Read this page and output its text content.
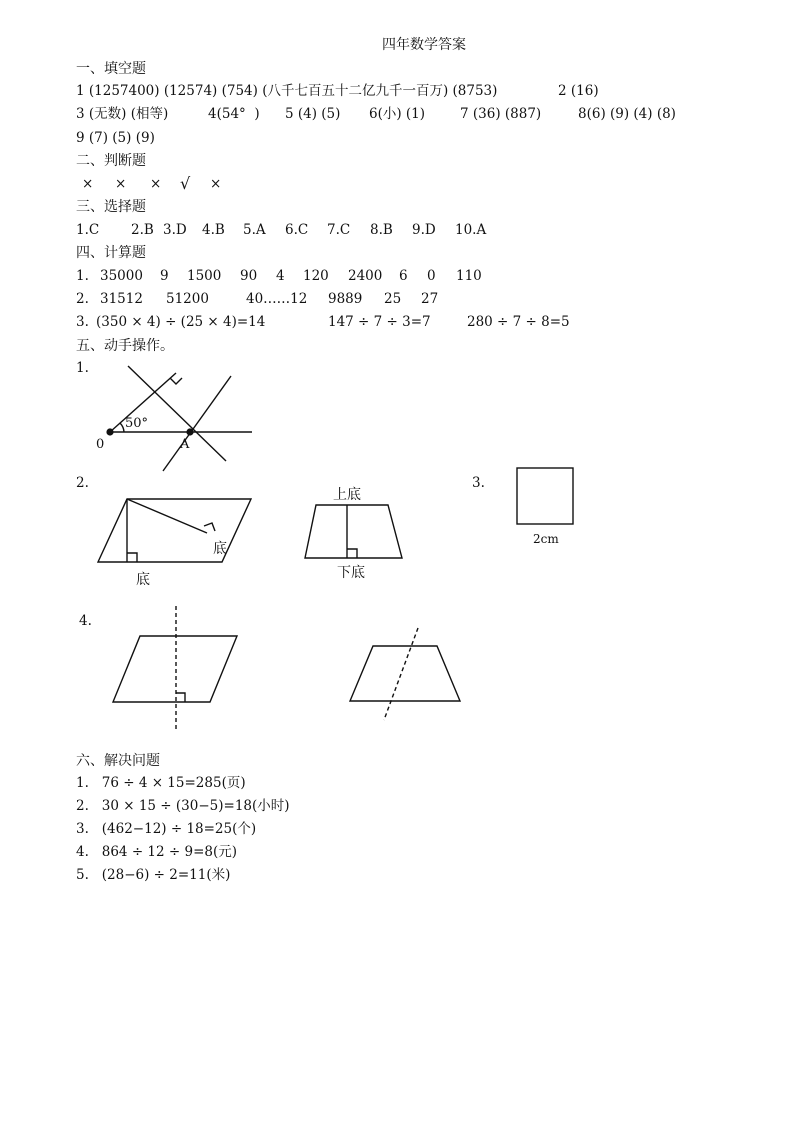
四年数学答案
一、填空题
1 (1257400) (12574) (754) (八千七百五十二亿九千一百万) (8753)	2 (16)
3 (无数) (相等)	4(54°  ) 5 (4) (5) 6(小) (1)	7 (36) (887)	8(6) (9) (4) (8)
9 (7) (5) (9)
二、判断题
× × × √ ×
三、选择题
1.C 2.B 3.D 4.B 5.A 6.C 7.C 8.B 9.D 10.A
四、计算题
1. 35000 9 1500 90 4 120 2400 6 0 110
2. 31512 51200	40……12 9889 25 27
3. (350 × 4) ÷ (25 × 4)=14	147 ÷ 7 ÷ 3=7	280 ÷ 7 ÷ 8=5
五、动手操作。
1.
2.	3.
4.
50°
0	A
底
底
上底
下底
2cm
六、解决问题
1.   76 ÷ 4 × 15=285(页)
2.   30 × 15 ÷ (30−5)=18(小时)
3.   (462−12) ÷ 18=25(个)
4.   864 ÷ 12 ÷ 9=8(元)
5.   (28−6) ÷ 2=11(米)
